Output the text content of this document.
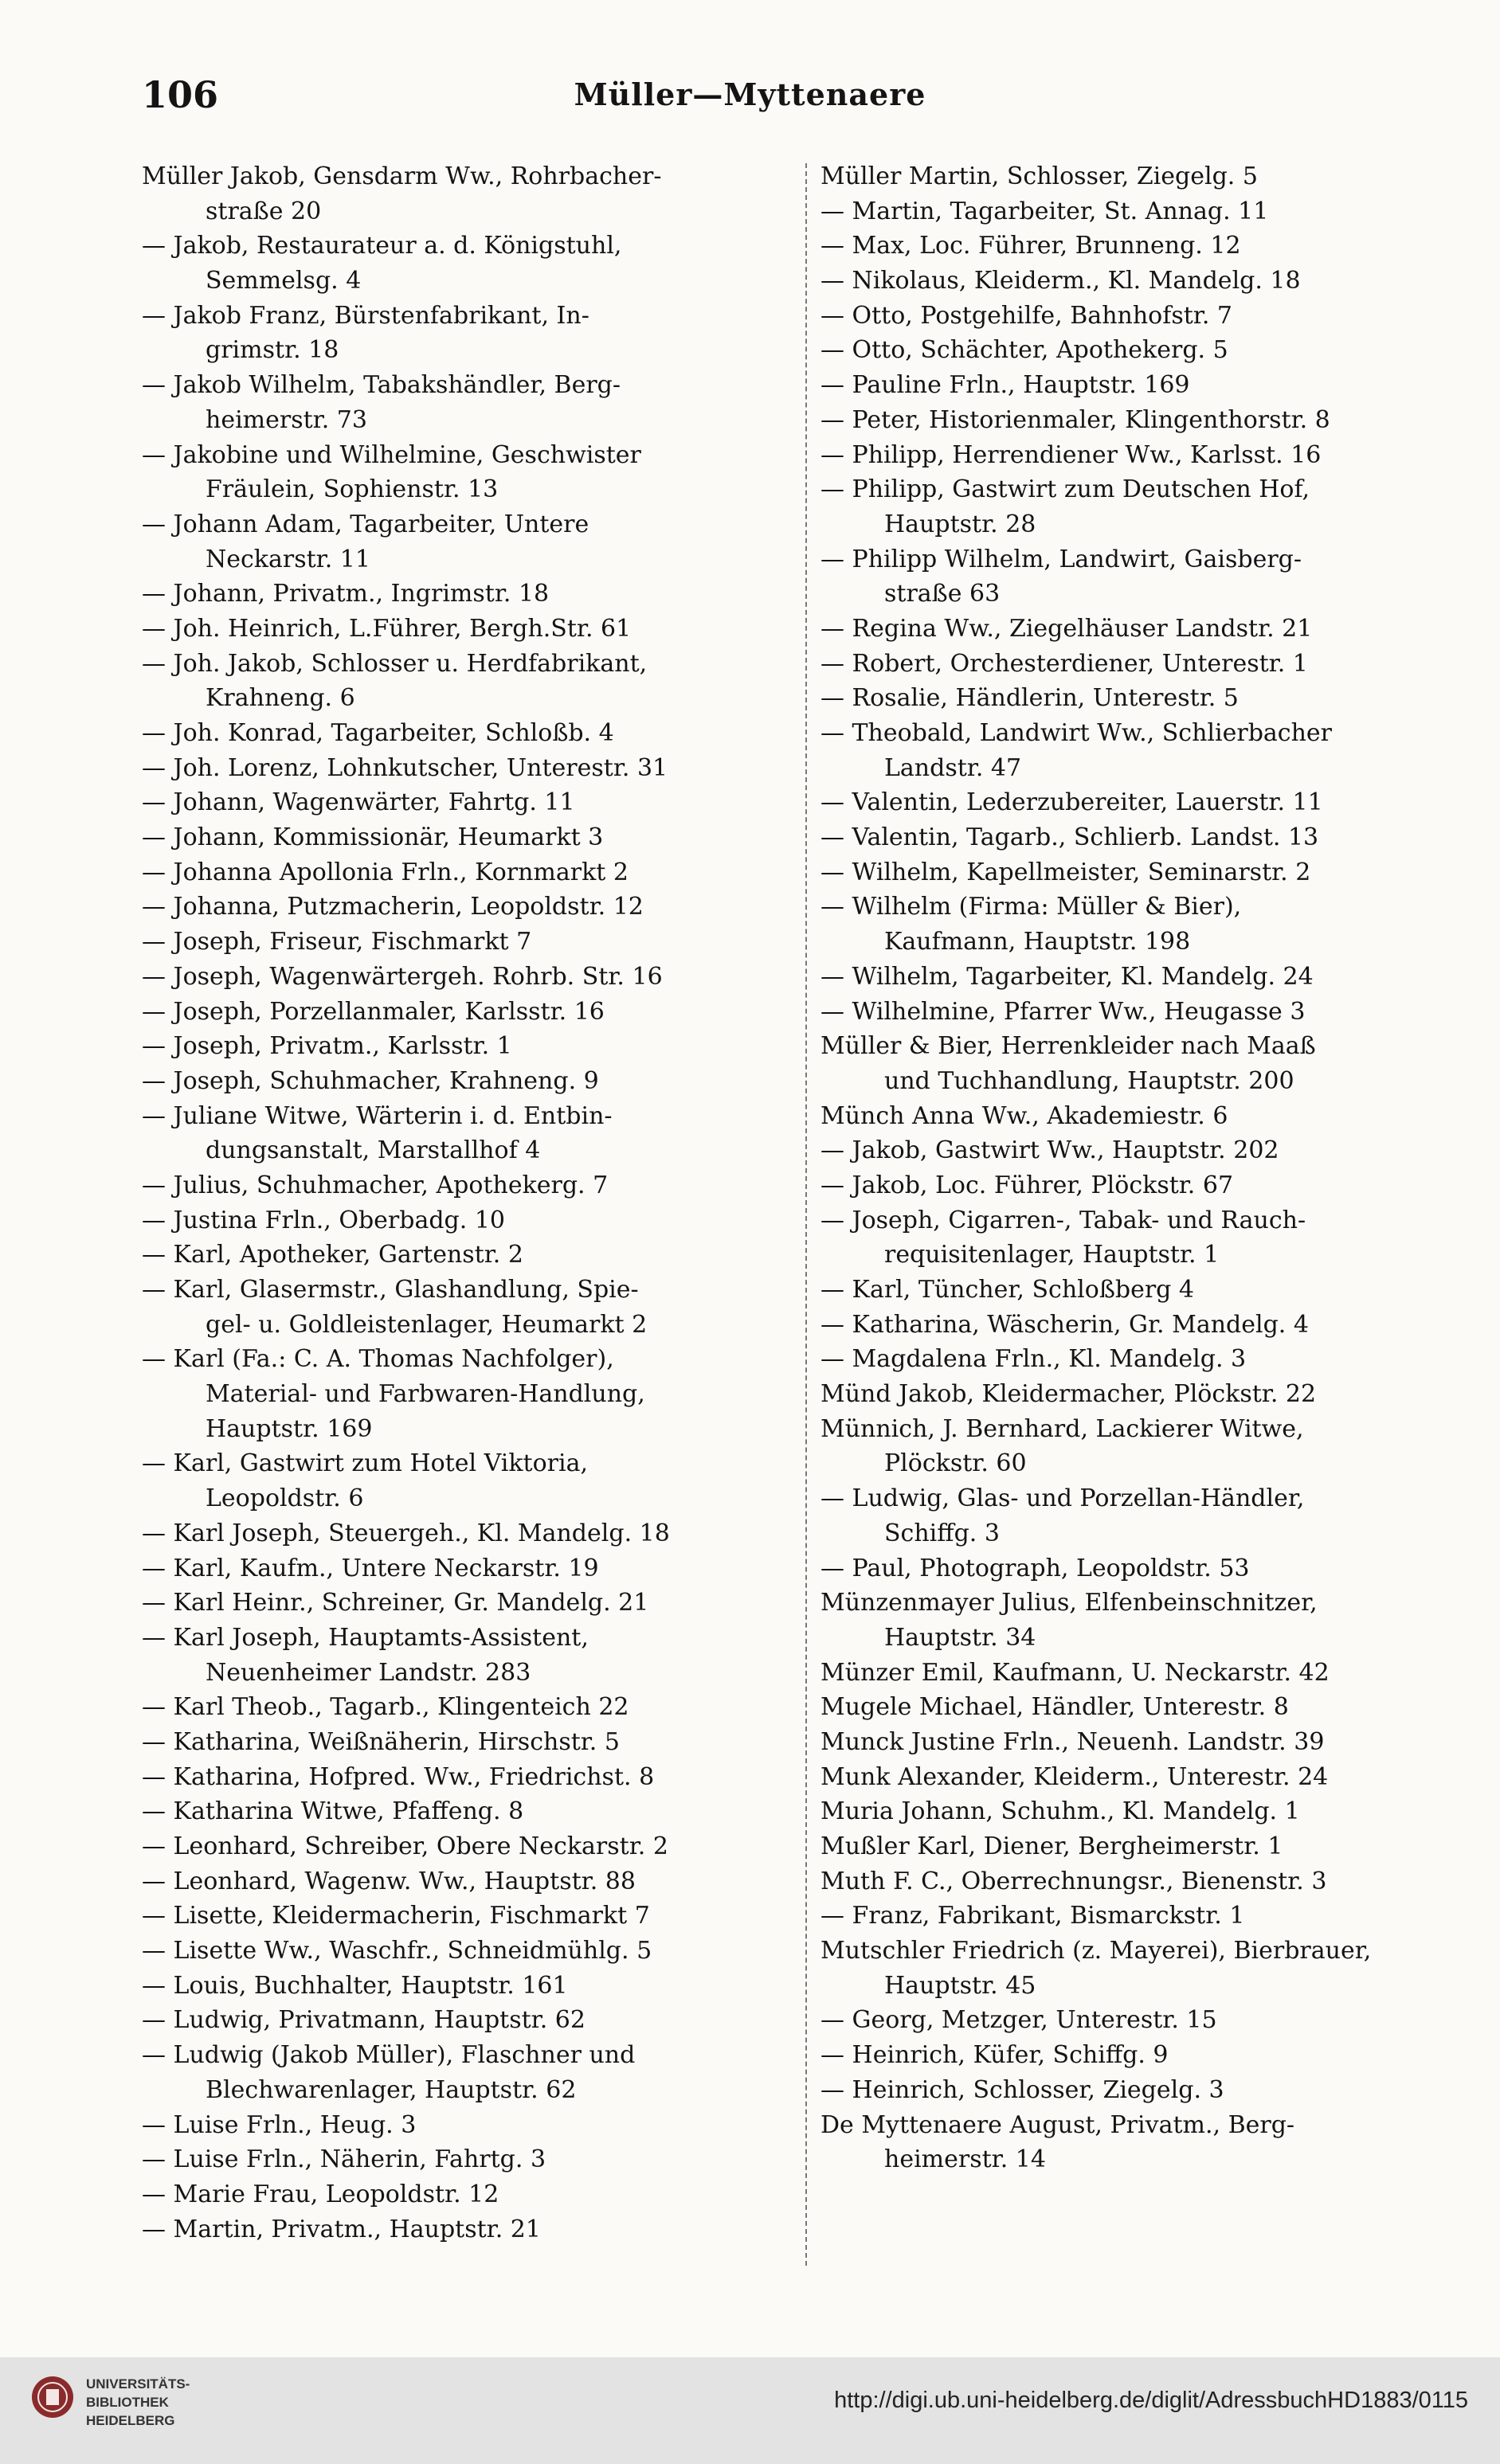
106	Müller—Myttenaere
Müller Jakob, Gensdarm Ww., Rohrbacher-
straße 20
— Jakob, Restaurateur a. d. Königstuhl,
Semmelsg. 4
— Jakob Franz, Bürstenfabrikant, In-
grimstr. 18
— Jakob Wilhelm, Tabakshändler, Berg-
heimerstr. 73
— Jakobine und Wilhelmine, Geschwister
Fräulein, Sophienstr. 13
— Johann Adam, Tagarbeiter, Untere
Neckarstr. 11
— Johann, Privatm., Ingrimstr. 18
— Joh. Heinrich, L.Führer, Bergh.Str. 61
— Joh. Jakob, Schlosser u. Herdfabrikant,
Krahneng. 6
— Joh. Konrad, Tagarbeiter, Schloßb. 4
— Joh. Lorenz, Lohnkutscher, Unterestr. 31
— Johann, Wagenwärter, Fahrtg. 11
— Johann, Kommissionär, Heumarkt 3
— Johanna Apollonia Frln., Kornmarkt 2
— Johanna, Putzmacherin, Leopoldstr. 12
— Joseph, Friseur, Fischmarkt 7
— Joseph, Wagenwärtergeh. Rohrb. Str. 16
— Joseph, Porzellanmaler, Karlsstr. 16
— Joseph, Privatm., Karlsstr. 1
— Joseph, Schuhmacher, Krahneng. 9
— Juliane Witwe, Wärterin i. d. Entbin-
dungsanstalt, Marstallhof 4
— Julius, Schuhmacher, Apothekerg. 7
— Justina Frln., Oberbadg. 10
— Karl, Apotheker, Gartenstr. 2
— Karl, Glasermstr., Glashandlung, Spie-
gel- u. Goldleistenlager, Heumarkt 2
— Karl (Fa.: C. A. Thomas Nachfolger),
Material- und Farbwaren-Handlung,
Hauptstr. 169
— Karl, Gastwirt zum Hotel Viktoria,
Leopoldstr. 6
— Karl Joseph, Steuergeh., Kl. Mandelg. 18
— Karl, Kaufm., Untere Neckarstr. 19
— Karl Heinr., Schreiner, Gr. Mandelg. 21
— Karl Joseph, Hauptamts-Assistent,
Neuenheimer Landstr. 283
— Karl Theob., Tagarb., Klingenteich 22
— Katharina, Weißnäherin, Hirschstr. 5
— Katharina, Hofpred. Ww., Friedrichst. 8
— Katharina Witwe, Pfaffeng. 8
— Leonhard, Schreiber, Obere Neckarstr. 2
— Leonhard, Wagenw. Ww., Hauptstr. 88
— Lisette, Kleidermacherin, Fischmarkt 7
— Lisette Ww., Waschfr., Schneidmühlg. 5
— Louis, Buchhalter, Hauptstr. 161
— Ludwig, Privatmann, Hauptstr. 62
— Ludwig (Jakob Müller), Flaschner und
Blechwarenlager, Hauptstr. 62
— Luise Frln., Heug. 3
— Luise Frln., Näherin, Fahrtg. 3
— Marie Frau, Leopoldstr. 12
— Martin, Privatm., Hauptstr. 21
Müller Martin, Schlosser, Ziegelg. 5
— Martin, Tagarbeiter, St. Annag. 11
— Max, Loc. Führer, Brunneng. 12
— Nikolaus, Kleiderm., Kl. Mandelg. 18
— Otto, Postgehilfe, Bahnhofstr. 7
— Otto, Schächter, Apothekerg. 5
— Pauline Frln., Hauptstr. 169
— Peter, Historienmaler, Klingenthorstr. 8
— Philipp, Herrendiener Ww., Karlsst. 16
— Philipp, Gastwirt zum Deutschen Hof,
Hauptstr. 28
— Philipp Wilhelm, Landwirt, Gaisberg-
straße 63
— Regina Ww., Ziegelhäuser Landstr. 21
— Robert, Orchesterdiener, Unterestr. 1
— Rosalie, Händlerin, Unterestr. 5
— Theobald, Landwirt Ww., Schlierbacher
Landstr. 47
— Valentin, Lederzubereiter, Lauerstr. 11
— Valentin, Tagarb., Schlierb. Landst. 13
— Wilhelm, Kapellmeister, Seminarstr. 2
— Wilhelm (Firma: Müller & Bier),
Kaufmann, Hauptstr. 198
— Wilhelm, Tagarbeiter, Kl. Mandelg. 24
— Wilhelmine, Pfarrer Ww., Heugasse 3
Müller & Bier, Herrenkleider nach Maaß
und Tuchhandlung, Hauptstr. 200
Münch Anna Ww., Akademiestr. 6
— Jakob, Gastwirt Ww., Hauptstr. 202
— Jakob, Loc. Führer, Plöckstr. 67
— Joseph, Cigarren-, Tabak- und Rauch-
requisitenlager, Hauptstr. 1
— Karl, Tüncher, Schloßberg 4
— Katharina, Wäscherin, Gr. Mandelg. 4
— Magdalena Frln., Kl. Mandelg. 3
Münd Jakob, Kleidermacher, Plöckstr. 22
Münnich, J. Bernhard, Lackierer Witwe,
Plöckstr. 60
— Ludwig, Glas- und Porzellan-Händler,
Schiffg. 3
— Paul, Photograph, Leopoldstr. 53
Münzenmayer Julius, Elfenbeinschnitzer,
Hauptstr. 34
Münzer Emil, Kaufmann, U. Neckarstr. 42
Mugele Michael, Händler, Unterestr. 8
Munck Justine Frln., Neuenh. Landstr. 39
Munk Alexander, Kleiderm., Unterestr. 24
Muria Johann, Schuhm., Kl. Mandelg. 1
Mußler Karl, Diener, Bergheimerstr. 1
Muth F. C., Oberrechnungsr., Bienenstr. 3
— Franz, Fabrikant, Bismarckstr. 1
Mutschler Friedrich (z. Mayerei), Bierbrauer,
Hauptstr. 45
— Georg, Metzger, Unterestr. 15
— Heinrich, Küfer, Schiffg. 9
— Heinrich, Schlosser, Ziegelg. 3
De Myttenaere August, Privatm., Berg-
heimerstr. 14
UNIVERSITÄTS-
BIBLIOTHEK
HEIDELBERG
http://digi.ub.uni-heidelberg.de/diglit/AdressbuchHD1883/0115
